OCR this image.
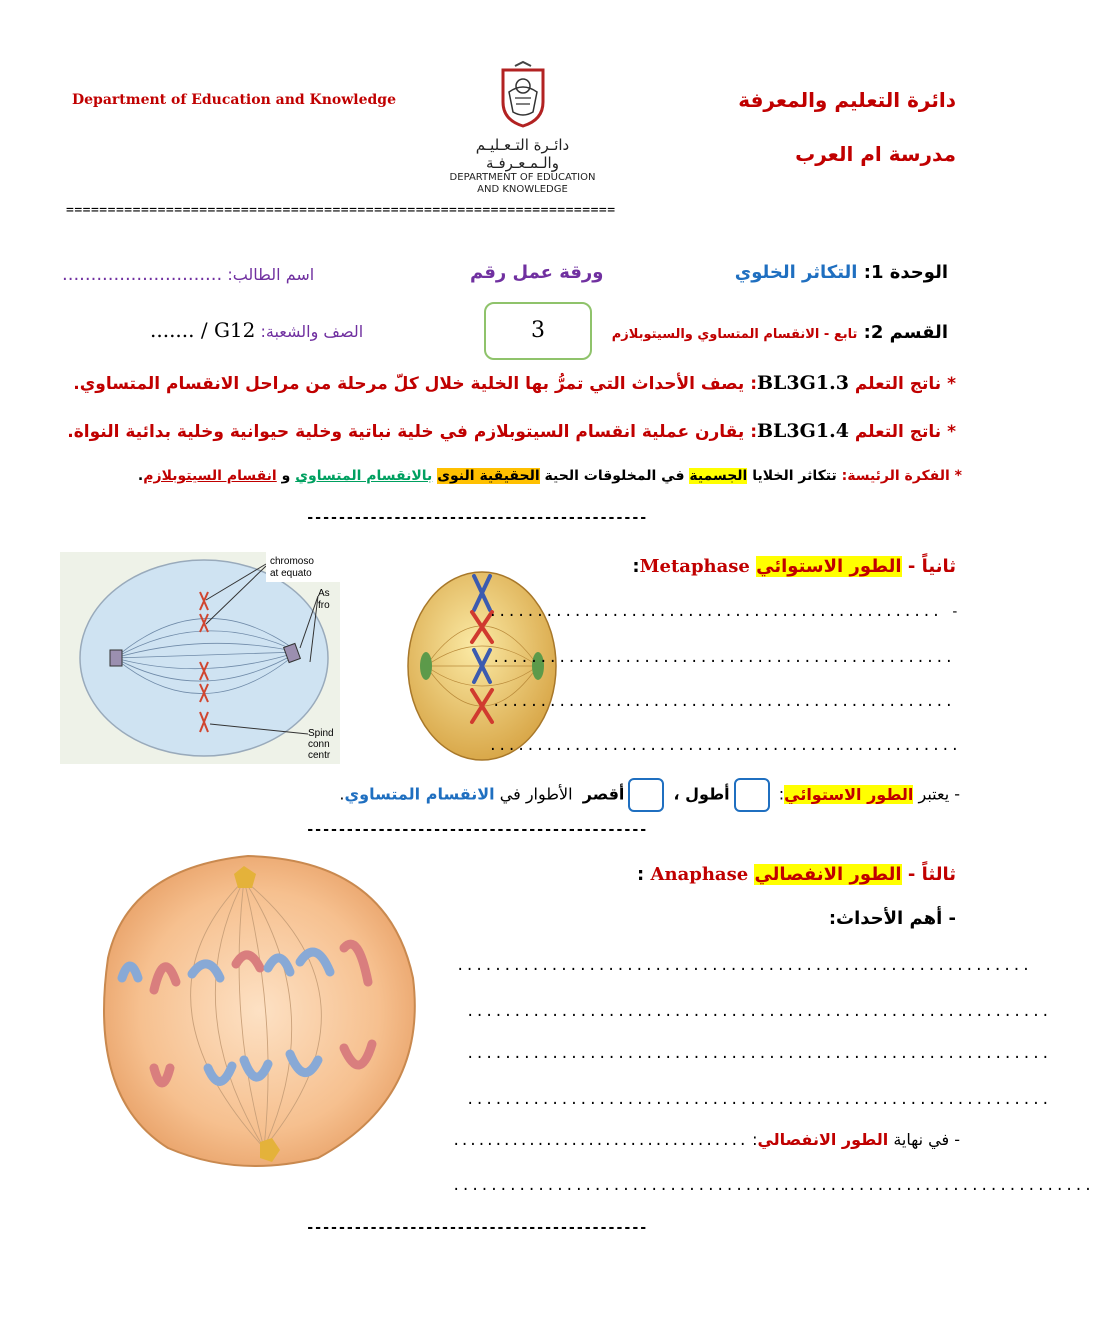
Department of Education and Knowledge
دائـرة التـعـليـم والـمـعـرفـة
DEPARTMENT OF EDUCATION
AND KNOWLEDGE
دائرة التعليم والمعرفة
مدرسة ام العرب
==================================================================
الوحدة 1: التكاثر الخلوي
ورقة عمل رقم
اسم الطالب: ............................
القسم 2: تابع - الانقسام المتساوي والسيتوبلازم
3
الصف والشعبة: ....... / G12
* ناتج التعلم BL3G1.3: يصف الأحداث التي تمرُّ بها الخلية خلال كلّ مرحلة من مراحل الانقسام المتساوي.
* ناتج التعلم BL3G1.4: يقارن عملية انقسام السيتوبلازم في خلية نباتية وخلية حيوانية وخلية بدائية النواة.
* الفكرة الرئيسة: تتكاثر الخلايا الجسمية في المخلوقات الحية الحقيقية النوى بالانقسام المتساوي و انقسام السيتوبلازم.
-------------------------------------------
chromoso
at equato
As
fro
Spind
conn
centr
ثانياً - الطور الاستوائي Metaphase:
- ................................................
.................................................
.................................................
..................................................
- يعتبر الطور الاستوائي: أطول ، أقصر  الأطوار في الانقسام المتساوي.
-------------------------------------------
ثالثاً - الطور الانفصالي Anaphase :
- أهم الأحداث:
.............................................................
..............................................................
..............................................................
..............................................................
- في نهاية الطور الانفصالي: ...................................
....................................................................
-------------------------------------------
